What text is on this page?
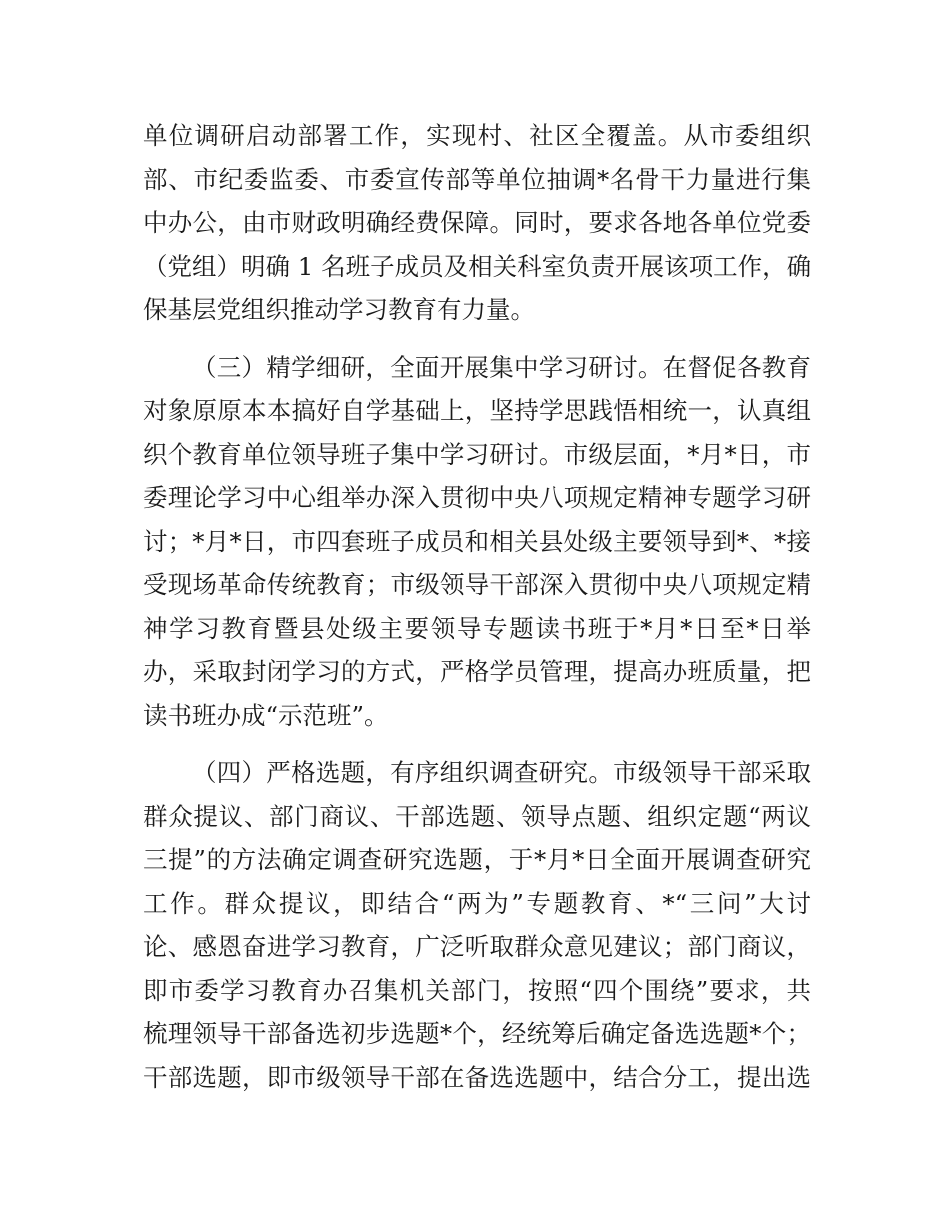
单位调研启动部署工作，实现村、社区全覆盖。从市委组织
部、市纪委监委、市委宣传部等单位抽调*名骨干力量进行集
中办公，由市财政明确经费保障。同时，要求各地各单位党委
（党组）明确 1 名班子成员及相关科室负责开展该项工作，确
保基层党组织推动学习教育有力量。
（三）精学细研，全面开展集中学习研讨。在督促各教育
对象原原本本搞好自学基础上，坚持学思践悟相统一，认真组
织个教育单位领导班子集中学习研讨。市级层面，*月*日，市
委理论学习中心组举办深入贯彻中央八项规定精神专题学习研
讨；*月*日，市四套班子成员和相关县处级主要领导到*、*接
受现场革命传统教育；市级领导干部深入贯彻中央八项规定精
神学习教育暨县处级主要领导专题读书班于*月*日至*日举
办，采取封闭学习的方式，严格学员管理，提高办班质量，把
读书班办成“示范班”。
（四）严格选题，有序组织调查研究。市级领导干部采取
群众提议、部门商议、干部选题、领导点题、组织定题“两议
三提”的方法确定调查研究选题，于*月*日全面开展调查研究
工作。群众提议，即结合“两为”专题教育、*“三问”大讨
论、感恩奋进学习教育，广泛听取群众意见建议；部门商议，
即市委学习教育办召集机关部门，按照“四个围绕”要求，共
梳理领导干部备选初步选题*个，经统筹后确定备选选题*个；
干部选题，即市级领导干部在备选选题中，结合分工，提出选
